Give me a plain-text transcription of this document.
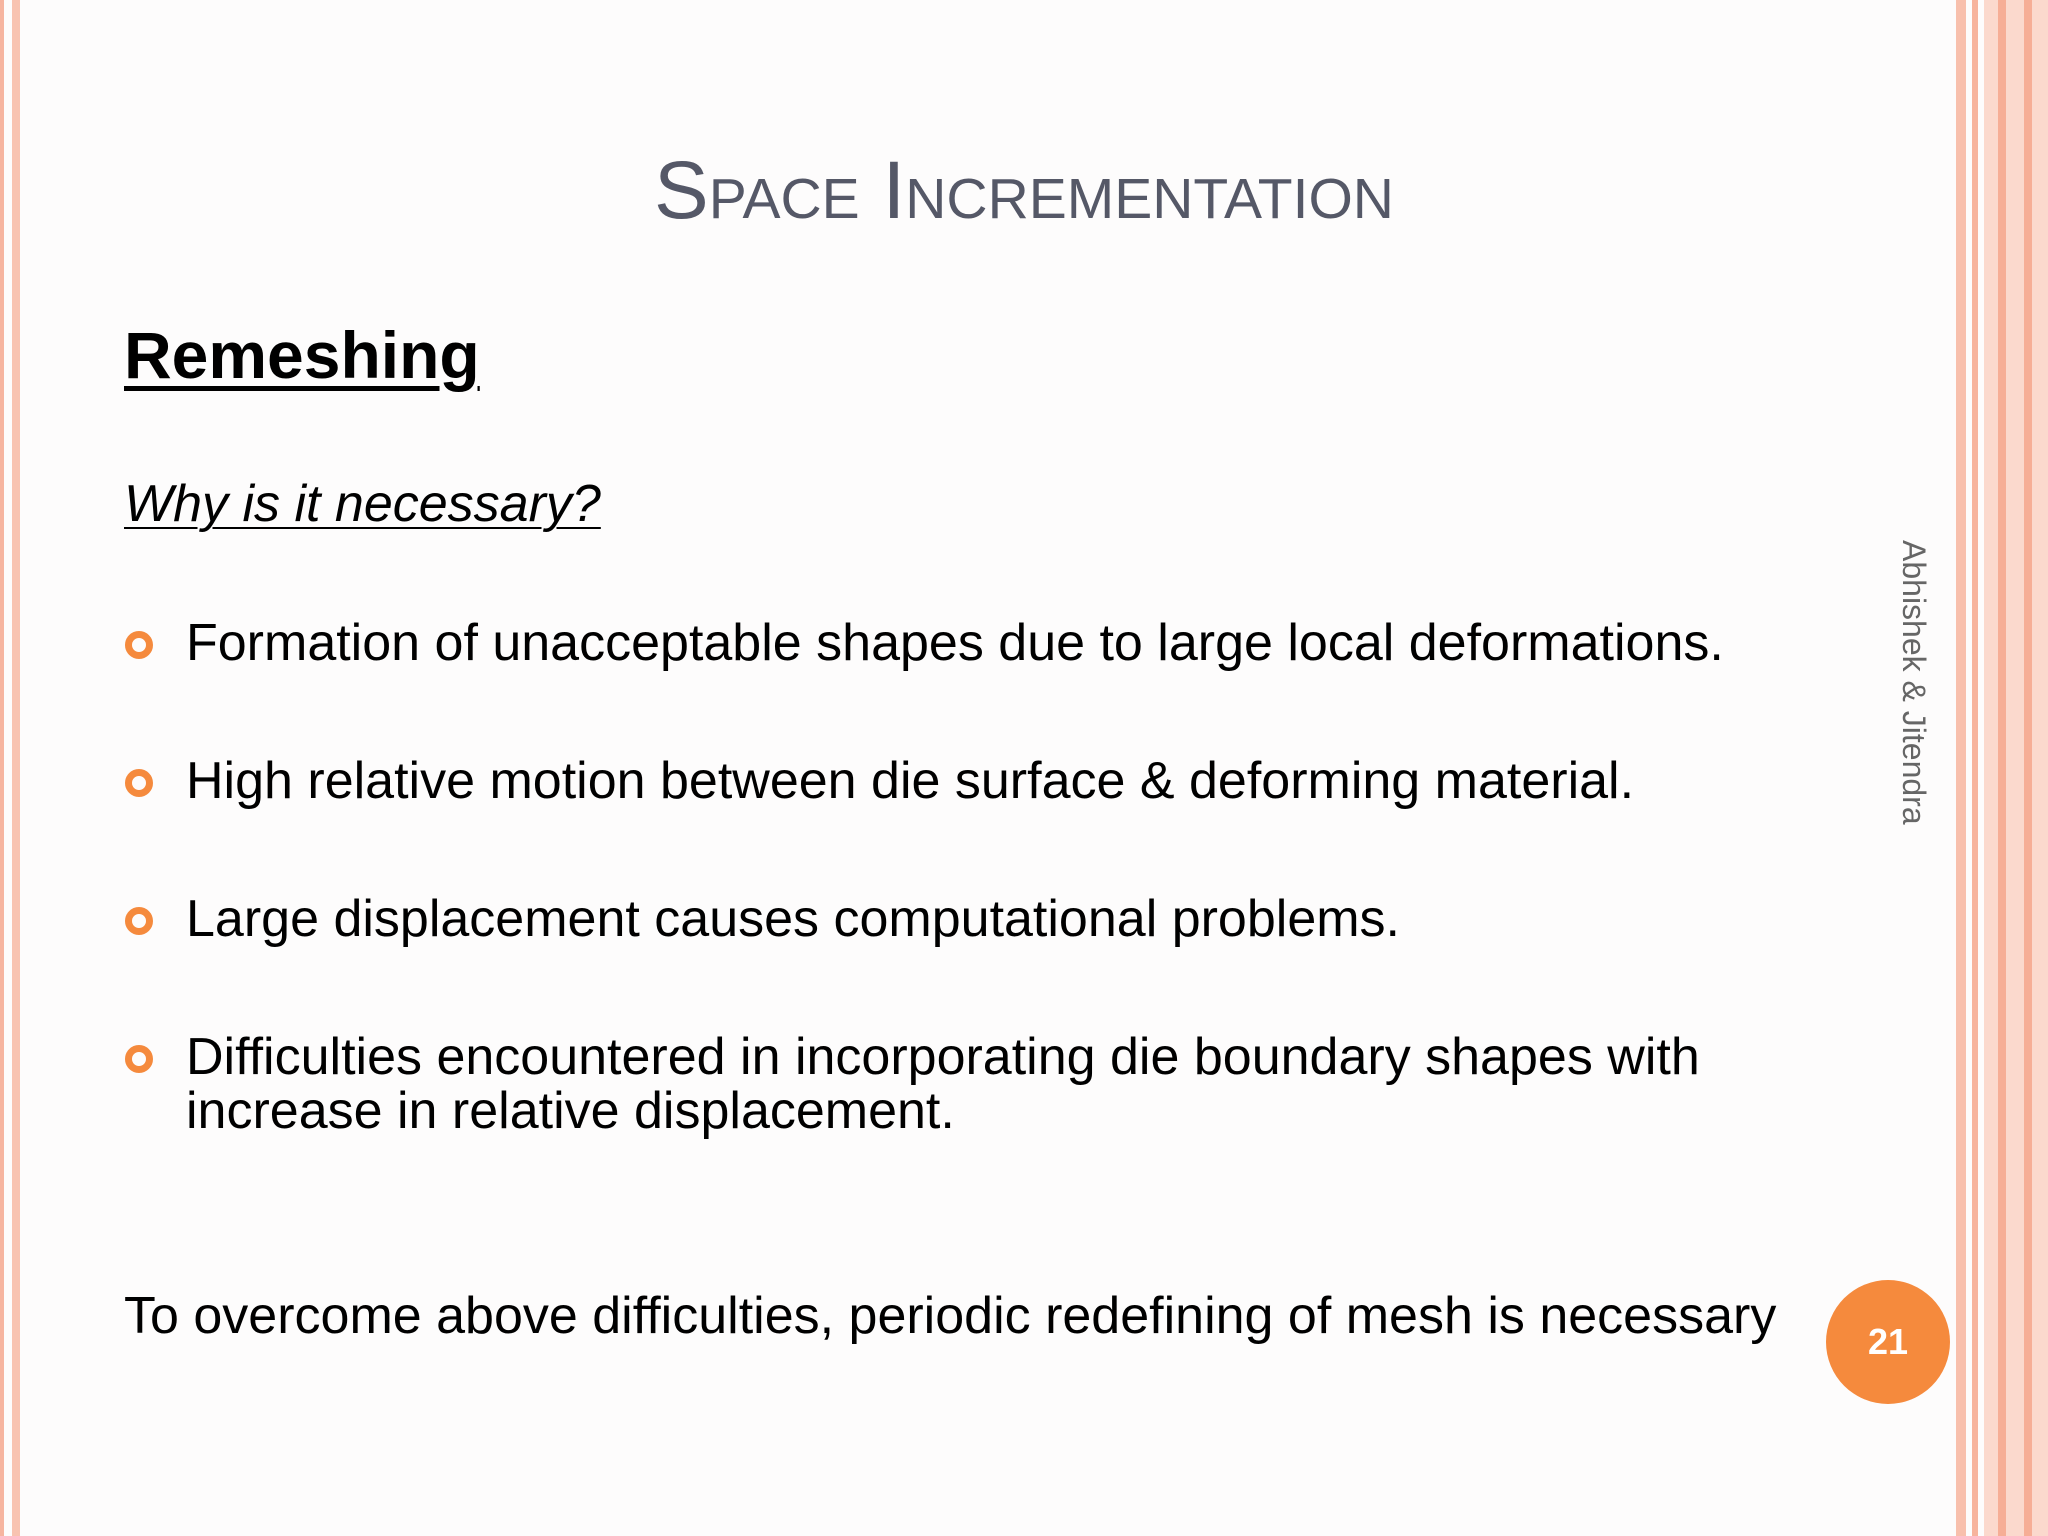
Space Incrementation
Remeshing

Why is it necessary?

Formation of unacceptable shapes due to large local deformations.
High relative motion between die surface & deforming material.
Large displacement causes computational problems.
Difficulties encountered in incorporating die boundary shapes with increase in relative displacement.

To overcome above difficulties, periodic redefining of mesh is necessary

Abhishek & Jitendra
21
